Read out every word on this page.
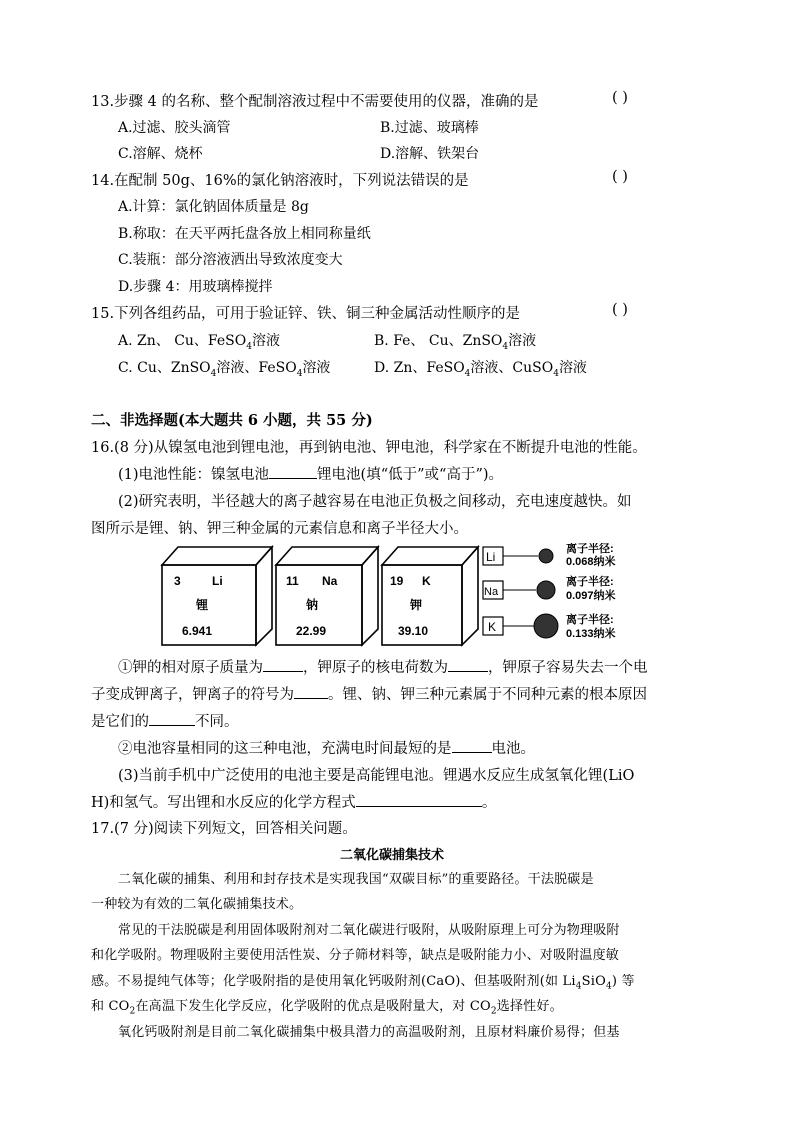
13.步骤 4 的名称、整个配制溶液过程中不需要使用的仪器，准确的是	( )
A.过滤、胶头滴管	B.过滤、玻璃棒
C.溶解、烧杯	D.溶解、铁架台
14.在配制 50g、16%的氯化钠溶液时，下列说法错误的是	( )
A.计算：氯化钠固体质量是 8g
B.称取：在天平两托盘各放上相同称量纸
C.装瓶：部分溶液洒出导致浓度变大
D.步骤 4：用玻璃棒搅拌
15.下列各组药品，可用于验证锌、铁、铜三种金属活动性顺序的是	( )
A. Zn、 Cu、FeSO$_4$溶液	B. Fe、 Cu、ZnSO$_4$溶液
C. Cu、ZnSO$_4$溶液、FeSO$_4$溶液	D. Zn、FeSO$_4$溶液、CuSO$_4$溶液
二、非选择题(本大题共 6 小题，共 55 分)
16.(8 分)从镍氢电池到锂电池，再到钠电池、钾电池，科学家在不断提升电池的性能。
(1)电池性能：镍氢电池	锂电池(填“低于”或“高于”)。
(2)研究表明，半径越大的离子越容易在电池正负极之间移动，充电速度越快。如
图所示是锂、钠、钾三种金属的元素信息和离子半径大小。
3	Li
锂
6.941
11 Na
钠
22.99
19 K
钾
39.10
Li
离子半径:
0.068纳米
Na
离子半径:
0.097纳米
K	离子半径:
0.133纳米
①钾的相对原子质量为	，钾原子的核电荷数为	，钾原子容易失去一个电
子变成钾离子，钾离子的符号为 。锂、钠、钾三种元素属于不同种元素的根本原因
是它们的	不同。
②电池容量相同的这三种电池，充满电时间最短的是	电池。
(3)当前手机中广泛使用的电池主要是高能锂电池。锂遇水反应生成氢氧化锂(LiO
H)和氢气。写出锂和水反应的化学方程式	。
17.(7 分)阅读下列短文，回答相关问题。
二氧化碳捕集技术
二氧化碳的捕集、利用和封存技术是实现我国“双碳目标”的重要路径。干法脱碳是
一种较为有效的二氧化碳捕集技术。
常见的干法脱碳是利用固体吸附剂对二氧化碳进行吸附，从吸附原理上可分为物理吸附
和化学吸附。物理吸附主要使用活性炭、分子筛材料等，缺点是吸附能力小、对吸附温度敏
感。不易提纯气体等；化学吸附指的是使用氧化钙吸附剂(CaO)、但基吸附剂(如 $Li_4SiO_4$) 等
和 $CO_2$在高温下发生化学反应，化学吸附的优点是吸附量大，对 $CO_2$选择性好。
氧化钙吸附剂是目前二氧化碳捕集中极具潜力的高温吸附剂，且原材料廉价易得；但基
